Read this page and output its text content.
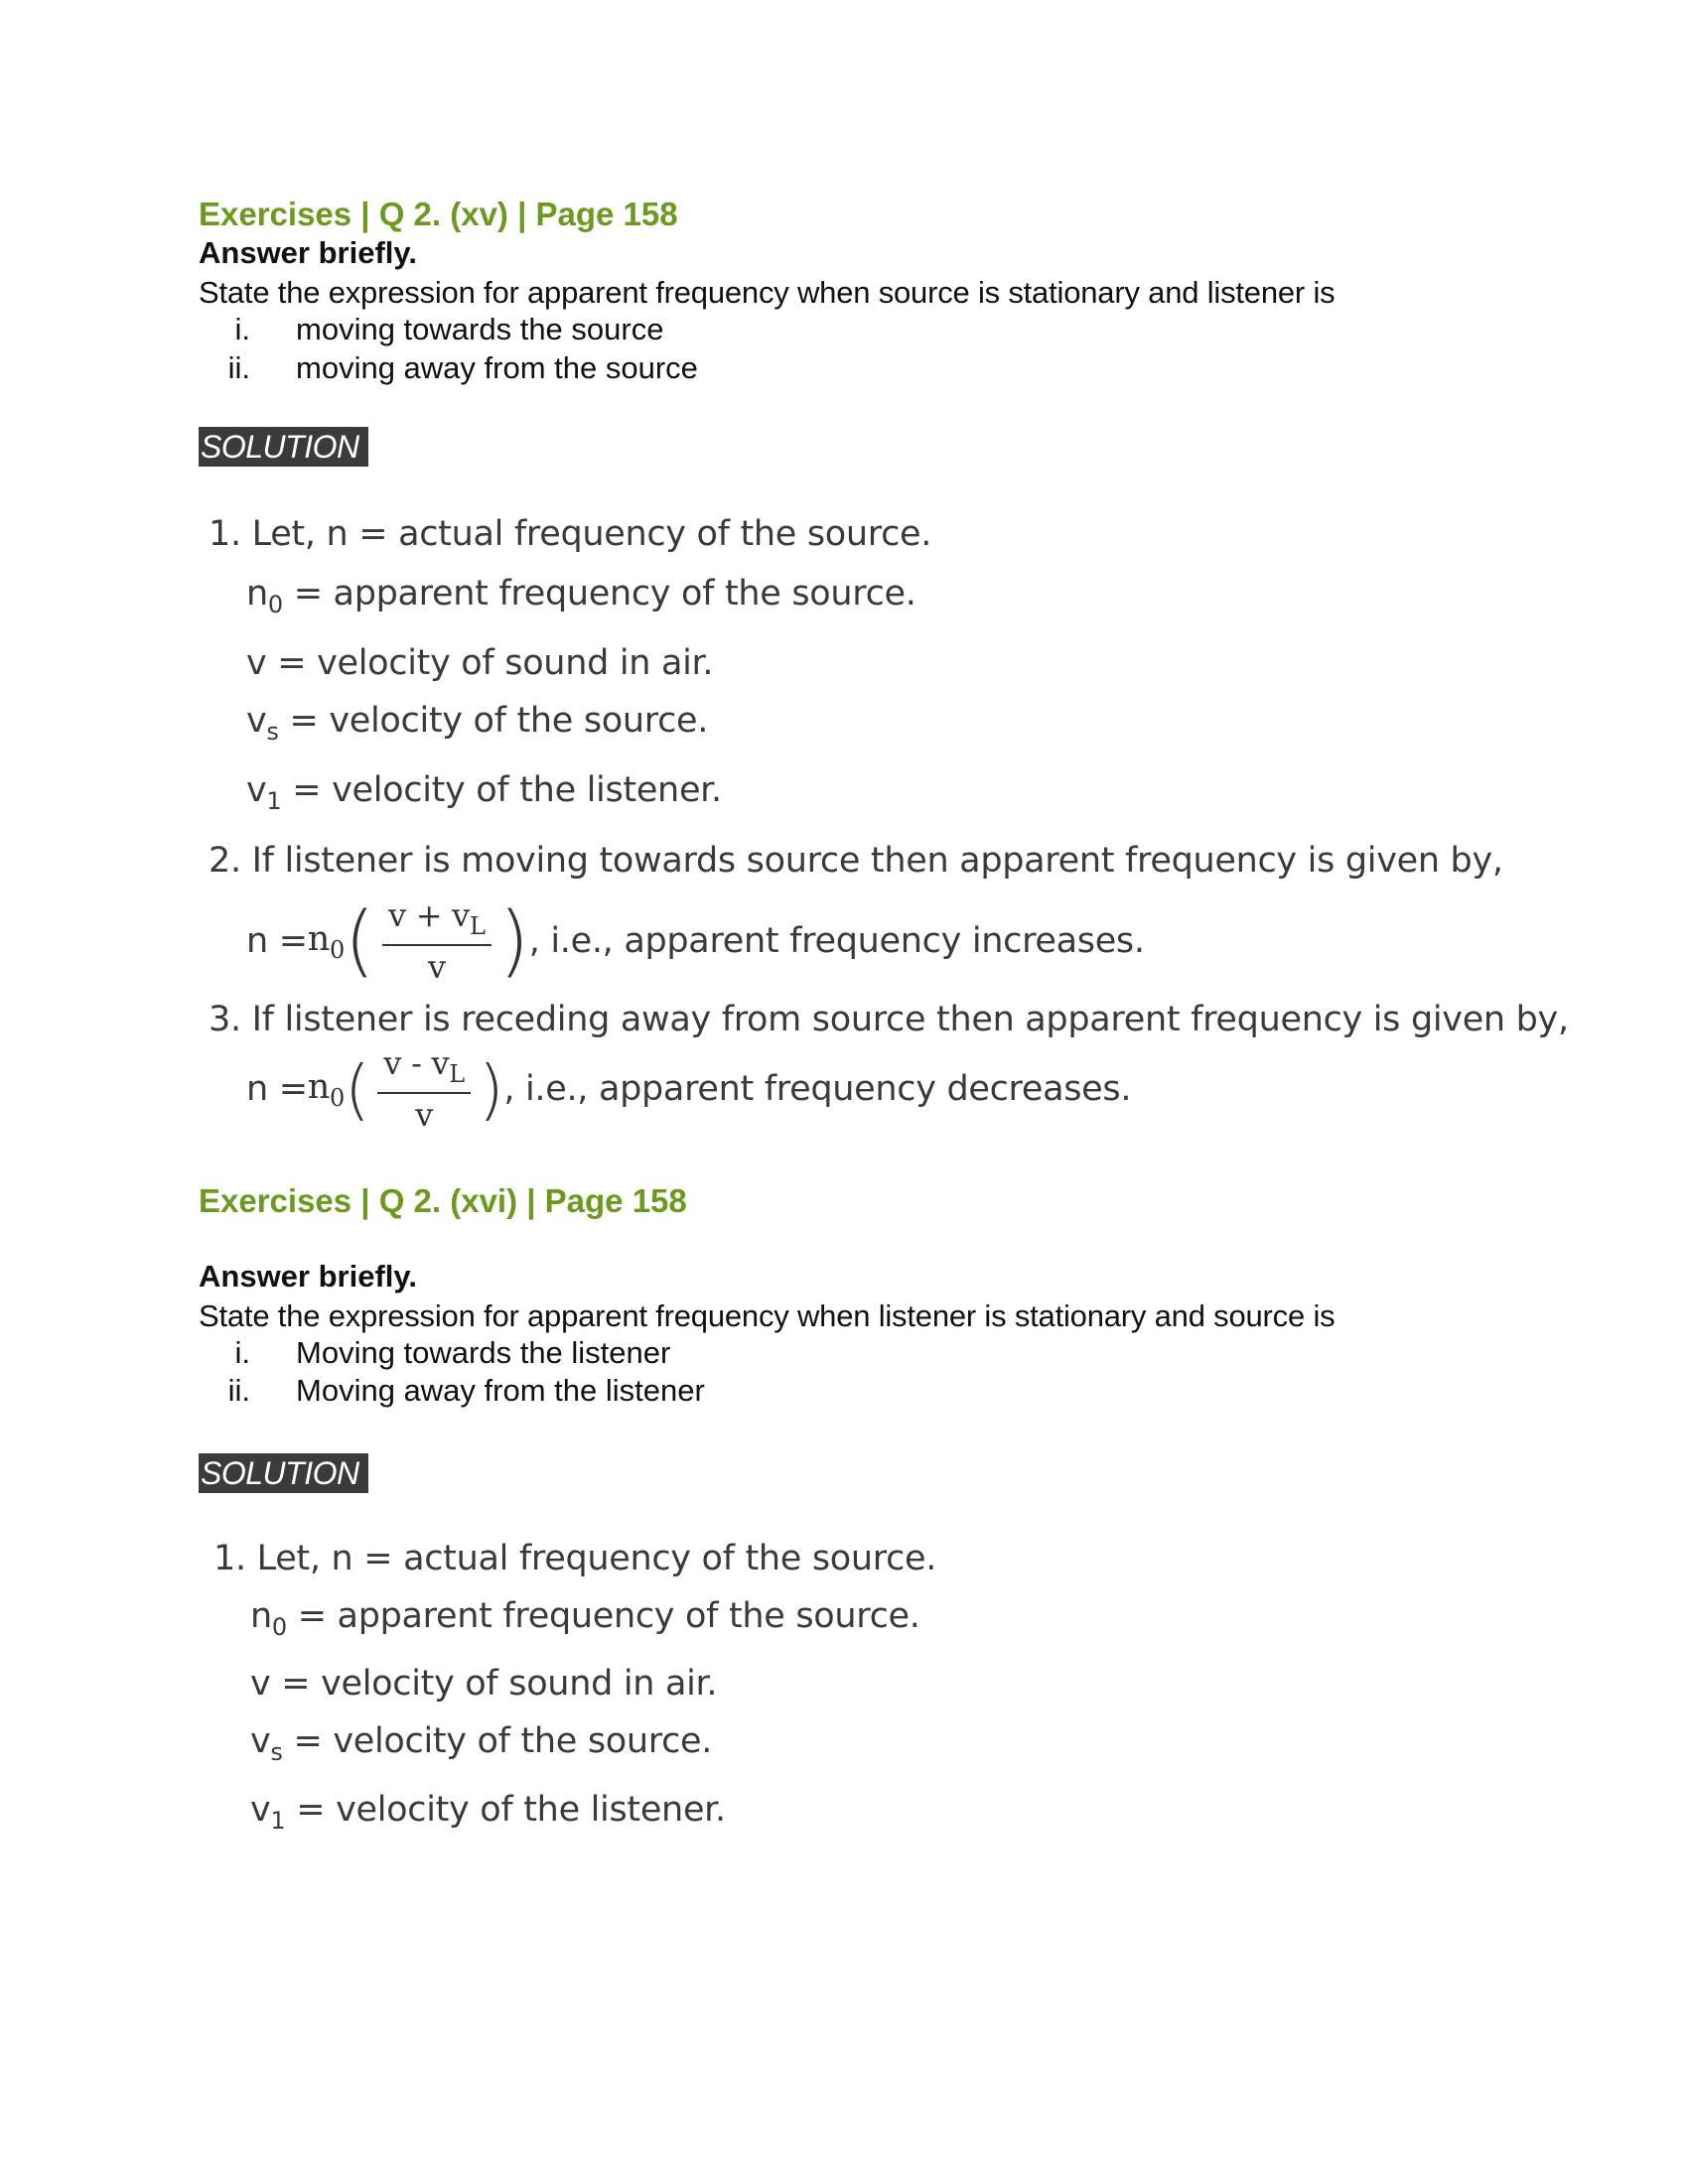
Exercises | Q 2. (xv) | Page 158
Answer briefly.
State the expression for apparent frequency when source is stationary and listener is
i. moving towards the source
ii. moving away from the source
SOLUTION
1. Let, n = actual frequency of the source.
$n_0$ = apparent frequency of the source.
v = velocity of sound in air.
$v_s$ = velocity of the source.
$v_1$ = velocity of the listener.
2. If listener is moving towards source then apparent frequency is given by,
$n = n_0$ ( $\frac{v + v_L}{v}$ ) , i.e., apparent frequency increases.
3. If listener is receding away from source then apparent frequency is given by,
$n = n_0$ ( $\frac{v - v_L}{v}$ ) , i.e., apparent frequency decreases.
Exercises | Q 2. (xvi) | Page 158
Answer briefly.
State the expression for apparent frequency when listener is stationary and source is
i. Moving towards the listener
ii. Moving away from the listener
SOLUTION
1. Let, n = actual frequency of the source.
$n_0$ = apparent frequency of the source.
v = velocity of sound in air.
$v_s$ = velocity of the source.
$v_1$ = velocity of the listener.
